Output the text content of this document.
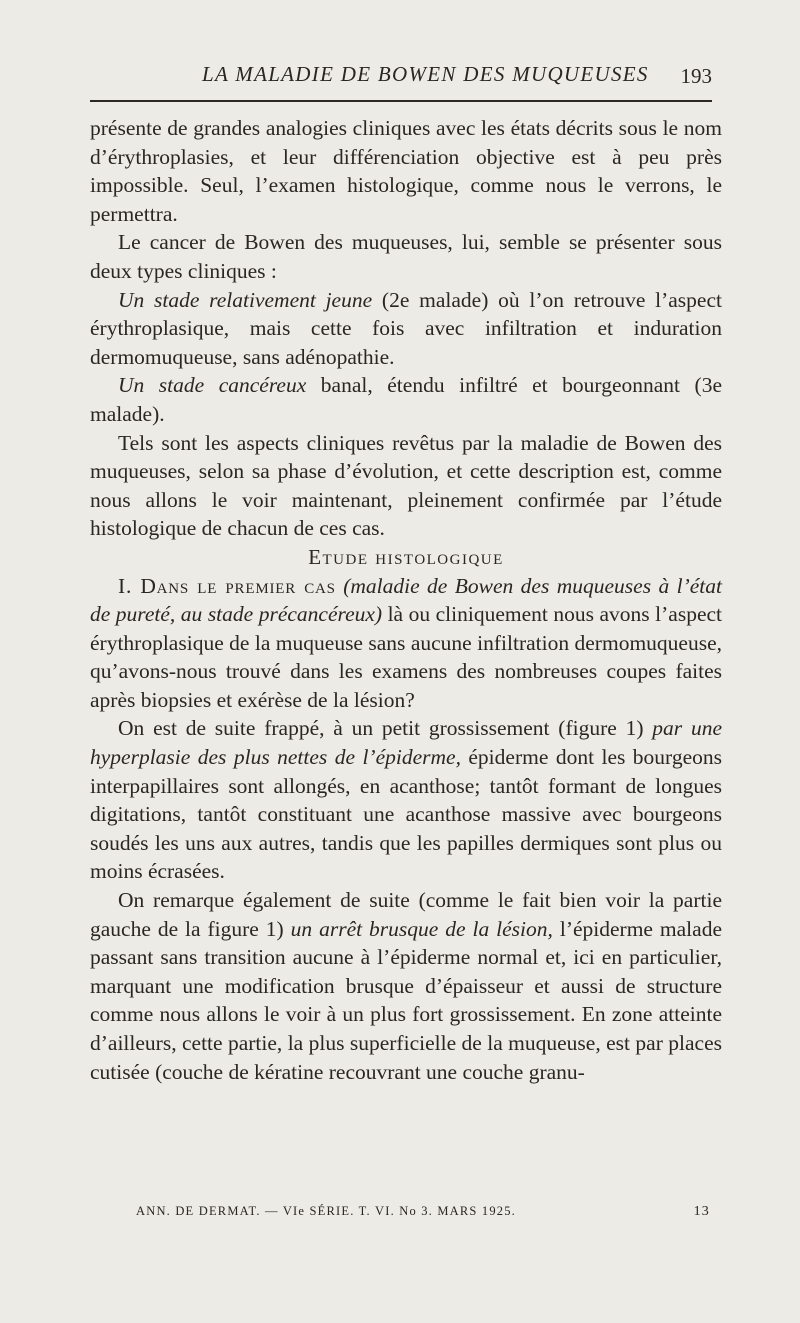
LA MALADIE DE BOWEN DES MUQUEUSES 193

présente de grandes analogies cliniques avec les états décrits sous le nom d’érythroplasies, et leur différenciation objective est à peu près impossible. Seul, l’examen histologique, comme nous le verrons, le permettra.

Le cancer de Bowen des muqueuses, lui, semble se présenter sous deux types cliniques :

Un stade relativement jeune (2e malade) où l’on retrouve l’aspect érythroplasique, mais cette fois avec infiltration et induration dermomuqueuse, sans adénopathie.

Un stade cancéreux banal, étendu infiltré et bourgeonnant (3e malade).

Tels sont les aspects cliniques revêtus par la maladie de Bowen des muqueuses, selon sa phase d’évolution, et cette description est, comme nous allons le voir maintenant, pleinement confirmée par l’étude histologique de chacun de ces cas.

Etude histologique

I. Dans le premier cas (maladie de Bowen des muqueuses à l’état de pureté, au stade précancéreux) là ou cliniquement nous avons l’aspect érythroplasique de la muqueuse sans aucune infiltration dermomuqueuse, qu’avons-nous trouvé dans les examens des nombreuses coupes faites après biopsies et exérèse de la lésion?

On est de suite frappé, à un petit grossissement (figure 1) par une hyperplasie des plus nettes de l’épiderme, épiderme dont les bourgeons interpapillaires sont allongés, en acanthose; tantôt formant de longues digitations, tantôt constituant une acanthose massive avec bourgeons soudés les uns aux autres, tandis que les papilles dermiques sont plus ou moins écrasées.

On remarque également de suite (comme le fait bien voir la partie gauche de la figure 1) un arrêt brusque de la lésion, l’épiderme malade passant sans transition aucune à l’épiderme normal et, ici en particulier, marquant une modification brusque d’épaisseur et aussi de structure comme nous allons le voir à un plus fort grossissement. En zone atteinte d’ailleurs, cette partie, la plus superficielle de la muqueuse, est par places cutisée (couche de kératine recouvrant une couche granu-

ANN. DE DERMAT. — VIe SÉRIE. T. VI. No 3. MARS 1925.	13
